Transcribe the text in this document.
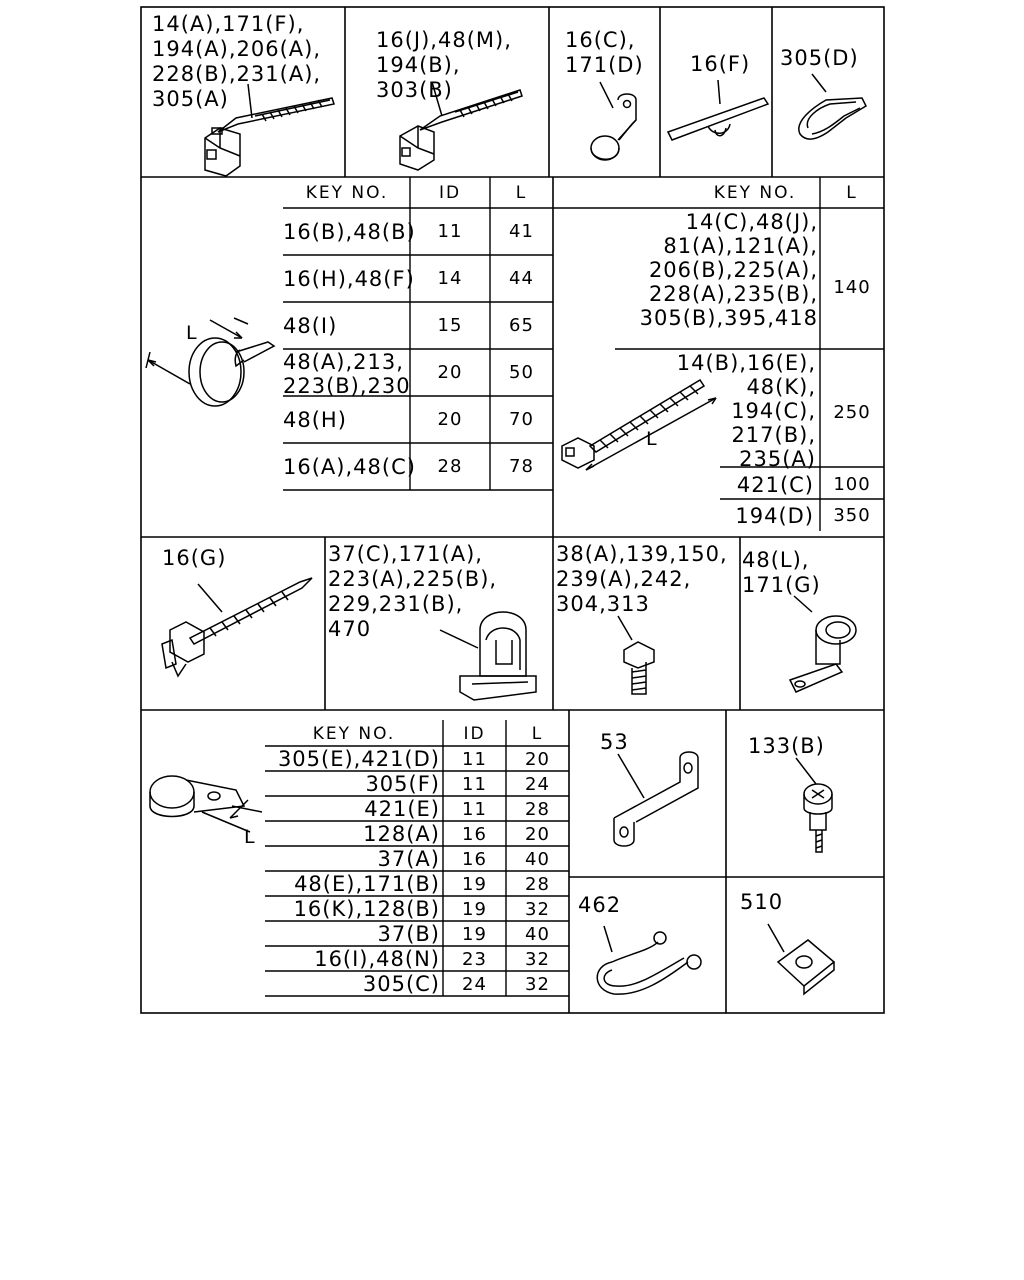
14(A),171(F),
194(A),206(A),
228(B),231(A),
305(A)
16(J),48(M),
194(B),
303(B)
16(C),
171(D) 16(F) 305(D)
KEY NO.	ID	L
16(B),48(B)	11	41
16(H),48(F)	14	44
48(I)	15	65
48(A),213,
223(B),230
20	50
48(H)	20	70
16(A),48(C)	28	78
L
KEY NO.	L
14(C),48(J),
81(A),121(A),
206(B),225(A),
228(A),235(B),
305(B),395,418
140
14(B),16(E),
48(K),
194(C),
217(B),
235(A)
250
421(C)	100
194(D)	350
L
16(G)	37(C),171(A),
223(A),225(B),
229,231(B),
470
38(A),139,150,
239(A),242,
304,313
48(L),
171(G)
KEY NO.	ID	L
305(E),421(D)	11	20
305(F)	11	24
421(E)	11	28
128(A)	16	20
37(A)	16	40
48(E),171(B)	19	28
16(K),128(B)	19	32
37(B)	19	40
16(I),48(N)	23	32
305(C)	24	32
L
53	133(B)
462	510
